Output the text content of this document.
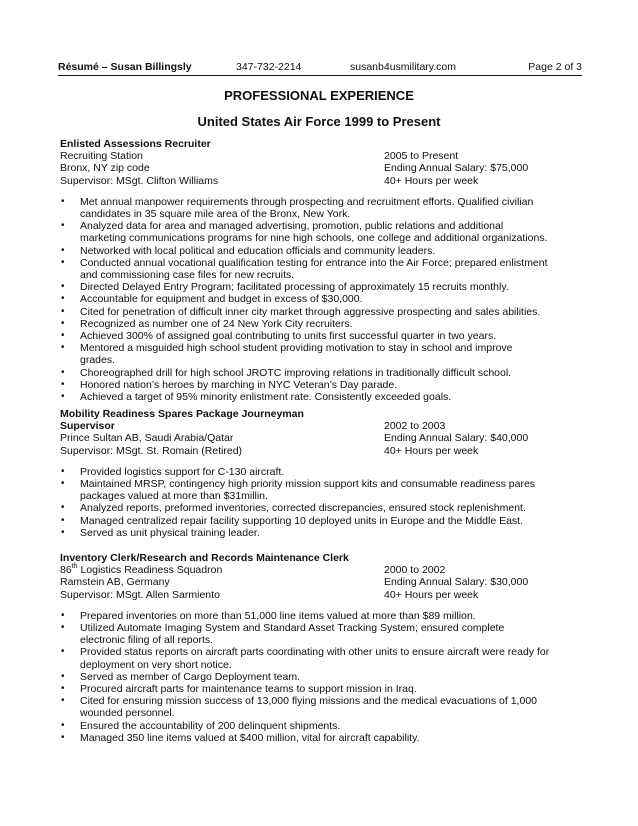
Résumé – Susan Billingsly	347-732-2214	susanb4usmilitary.com	Page 2 of 3
PROFESSIONAL EXPERIENCE
United States Air Force 1999 to Present

Enlisted Assessions Recruiter

Recruiting Station	2005 to Present
Bronx, NY zip code	Ending Annual Salary: $75,000
Supervisor: MSgt. Clifton Williams	40+ Hours per week
• Met annual manpower requirements through prospecting and recruitment efforts. Qualified civilian candidates in 35 square mile area of the Bronx, New York.
• Analyzed data for area and managed advertising, promotion, public relations and additional marketing communications programs for nine high schools, one college and additional organizations.
• Networked with local political and education officials and community leaders.
• Conducted annual vocational qualification testing for entrance into the Air Force; prepared enlistment and commissioning case files for new recruits.
• Directed Delayed Entry Program; facilitated processing of approximately 15 recruits monthly.
• Accountable for equipment and budget in excess of $30,000.
• Cited for penetration of difficult inner city market through aggressive prospecting and sales abilities.
• Recognized as number one of 24 New York City recruiters.
• Achieved 300% of assigned goal contributing to units first successful quarter in two years.
• Mentored a misguided high school student providing motivation to stay in school and improve grades.
• Choreographed drill for high school JROTC improving relations in traditionally difficult school.
• Honored nation’s heroes by marching in NYC Veteran’s Day parade.
• Achieved a target of 95% minority enlistment rate. Consistently exceeded goals.

Mobility Readiness Spares Package Journeyman

Supervisor	2002 to 2003
Prince Sultan AB, Saudi Arabia/Qatar	Ending Annual Salary: $40,000
Supervisor: MSgt. St. Romain (Retired)	40+ Hours per week
• Provided logistics support for C-130 aircraft.
• Maintained MRSP, contingency high priority mission support kits and consumable readiness pares packages valued at more than $31millin.
• Analyzed reports, preformed inventories, corrected discrepancies, ensured stock replenishment.
• Managed centralized repair facility supporting 10 deployed units in Europe and the Middle East.
• Served as unit physical training leader.

Inventory Clerk/Research and Records Maintenance Clerk

86th Logistics Readiness Squadron	2000 to 2002
Ramstein AB, Germany	Ending Annual Salary: $30,000
Supervisor: MSgt. Allen Sarmiento	40+ Hours per week
• Prepared inventories on more than 51,000 line items valued at more than $89 million.
• Utilized Automate Imaging System and Standard Asset Tracking System; ensured complete electronic filing of all reports.
• Provided status reports on aircraft parts coordinating with other units to ensure aircraft were ready for deployment on very short notice.
• Served as member of Cargo Deployment team.
• Procured aircraft parts for maintenance teams to support mission in Iraq.
• Cited for ensuring mission success of 13,000 flying missions and the medical evacuations of 1,000 wounded personnel.
• Ensured the accountability of 200 delinquent shipments.
• Managed 350 line items valued at $400 million, vital for aircraft capability.
